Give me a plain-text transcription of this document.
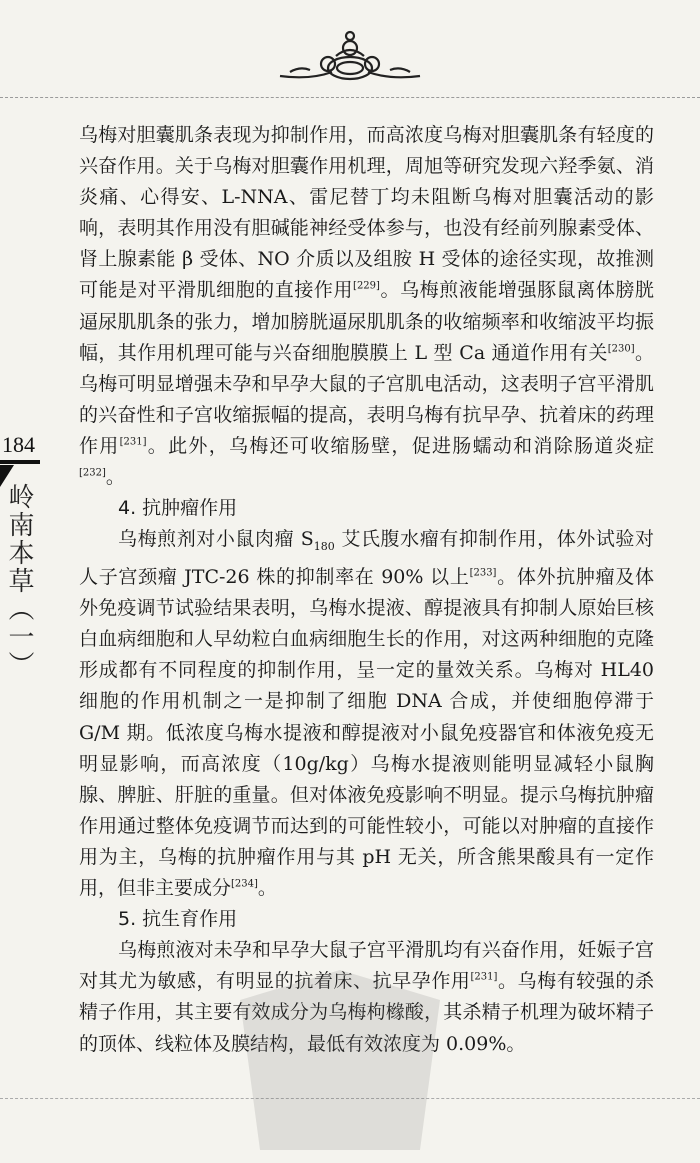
184
岭南本草（一）

乌梅对胆囊肌条表现为抑制作用，而高浓度乌梅对胆囊肌条有轻度的兴奋作用。关于乌梅对胆囊作用机理，周旭等研究发现六羟季氨、消炎痛、心得安、L-NNA、雷尼替丁均未阻断乌梅对胆囊活动的影响，表明其作用没有胆碱能神经受体参与，也没有经前列腺素受体、肾上腺素能 β 受体、NO 介质以及组胺 H 受体的途径实现，故推测可能是对平滑肌细胞的直接作用[229]。乌梅煎液能增强豚鼠离体膀胱逼尿肌肌条的张力，增加膀胱逼尿肌肌条的收缩频率和收缩波平均振幅，其作用机理可能与兴奋细胞膜膜上 L 型 Ca 通道作用有关[230]。乌梅可明显增强未孕和早孕大鼠的子宫肌电活动，这表明子宫平滑肌的兴奋性和子宫收缩振幅的提高，表明乌梅有抗早孕、抗着床的药理作用[231]。此外，乌梅还可收缩肠壁，促进肠蠕动和消除肠道炎症[232]。

4. 抗肿瘤作用

乌梅煎剂对小鼠肉瘤 $S_{180}$ 艾氏腹水瘤有抑制作用，体外试验对人子宫颈瘤 JTC-26 株的抑制率在 90% 以上[233]。体外抗肿瘤及体外免疫调节试验结果表明，乌梅水提液、醇提液具有抑制人原始巨核白血病细胞和人早幼粒白血病细胞生长的作用，对这两种细胞的克隆形成都有不同程度的抑制作用，呈一定的量效关系。乌梅对 HL40 细胞的作用机制之一是抑制了细胞 DNA 合成，并使细胞停滞于 G/M 期。低浓度乌梅水提液和醇提液对小鼠免疫器官和体液免疫无明显影响，而高浓度（10g/kg）乌梅水提液则能明显减轻小鼠胸腺、脾脏、肝脏的重量。但对体液免疫影响不明显。提示乌梅抗肿瘤作用通过整体免疫调节而达到的可能性较小，可能以对肿瘤的直接作用为主，乌梅的抗肿瘤作用与其 pH 无关，所含熊果酸具有一定作用，但非主要成分[234]。

5. 抗生育作用

乌梅煎液对未孕和早孕大鼠子宫平滑肌均有兴奋作用，妊娠子宫对其尤为敏感，有明显的抗着床、抗早孕作用[231]。乌梅有较强的杀精子作用，其主要有效成分为乌梅枸橼酸，其杀精子机理为破坏精子的顶体、线粒体及膜结构，最低有效浓度为 0.09%。
